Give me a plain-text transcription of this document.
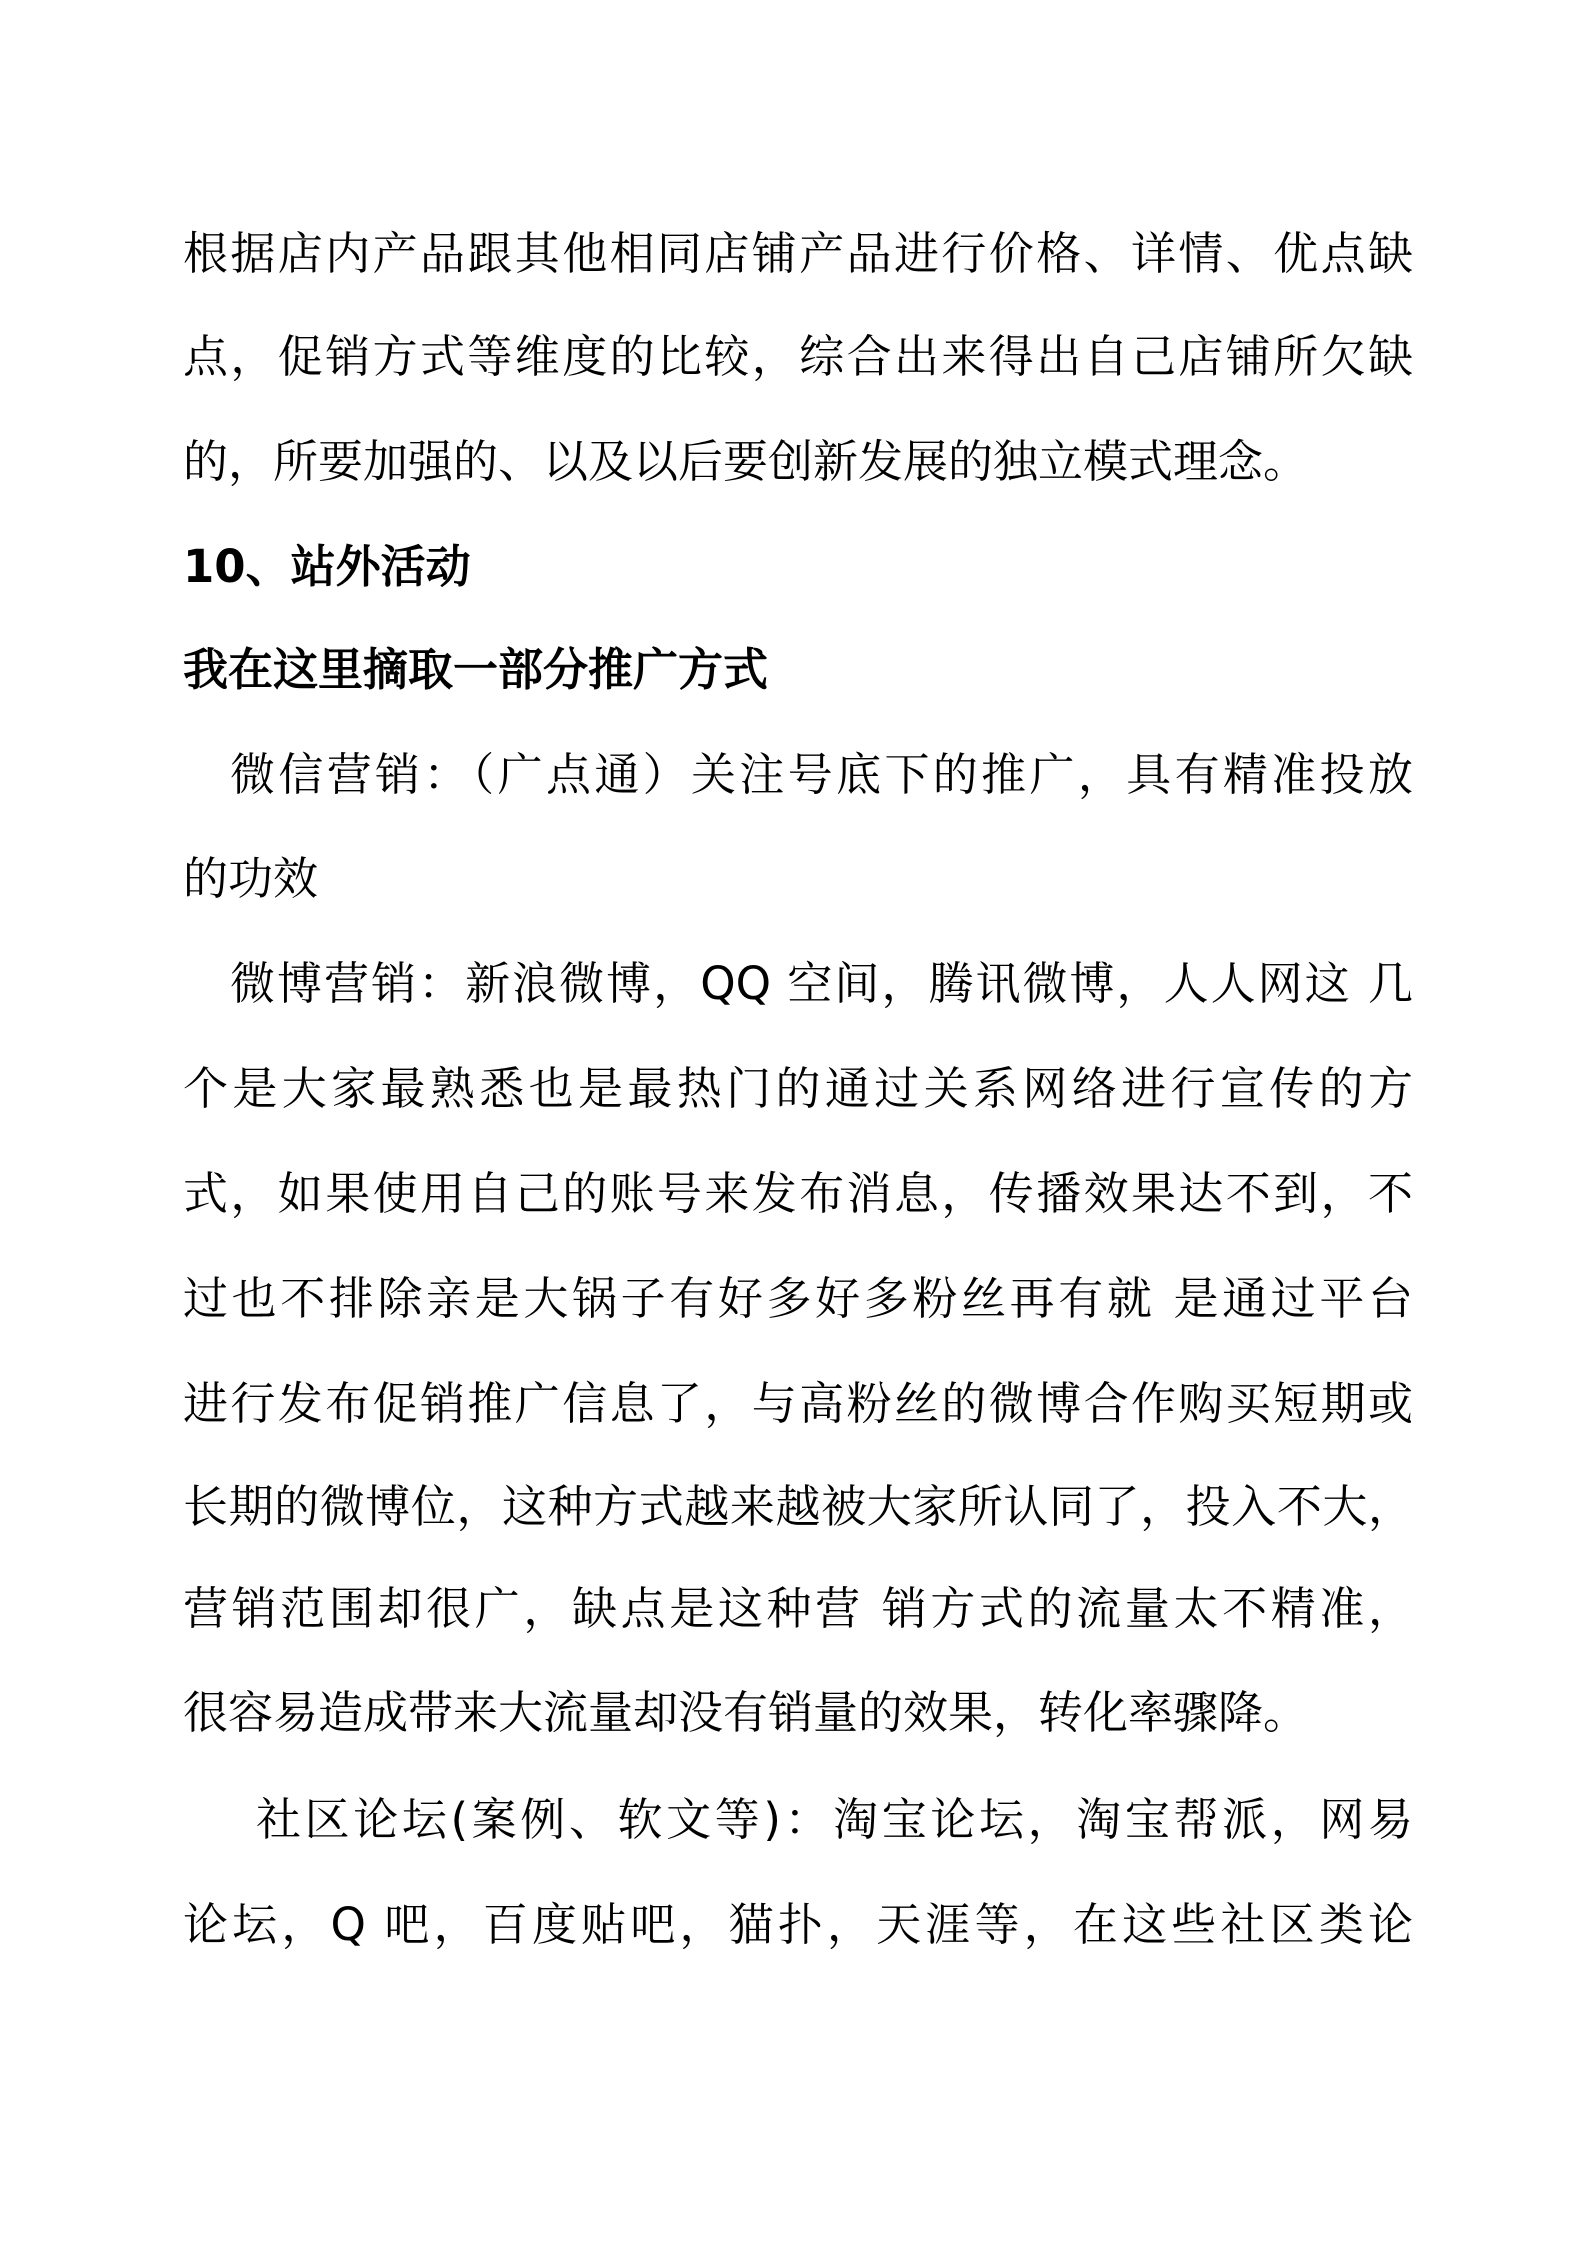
根据店内产品跟其他相同店铺产品进行价格、详情、优点缺
点，促销方式等维度的比较，综合出来得出自己店铺所欠缺
的，所要加强的、以及以后要创新发展的独立模式理念。
10、站外活动
我在这里摘取一部分推广方式
微信营销：（广点通）关注号底下的推广，具有精准投放
的功效
微博营销：新浪微博，QQ 空间，腾讯微博，人人网这 几
个是大家最熟悉也是最热门的通过关系网络进行宣传的方
式，如果使用自己的账号来发布消息，传播效果达不到，不
过也不排除亲是大锅子有好多好多粉丝再有就 是通过平台
进行发布促销推广信息了，与高粉丝的微博合作购买短期或
长期的微博位，这种方式越来越被大家所认同了，投入不大，
营销范围却很广，缺点是这种营 销方式的流量太不精准，
很容易造成带来大流量却没有销量的效果，转化率骤降。
社区论坛(案例、软文等)：淘宝论坛，淘宝帮派，网易
论坛，Q 吧，百度贴吧，猫扑，天涯等，在这些社区类论
